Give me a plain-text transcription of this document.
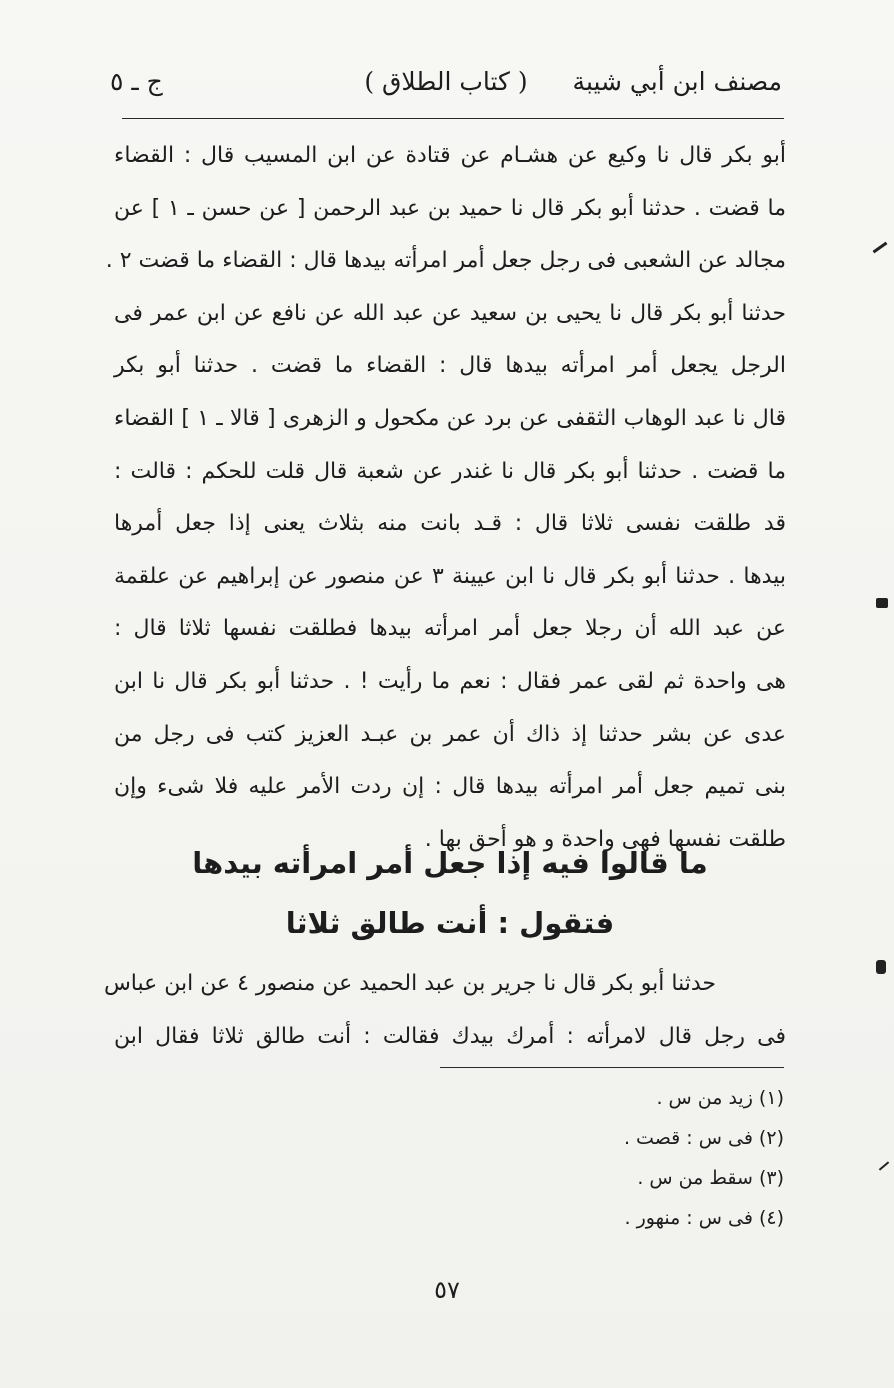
مصنف ابن أبي شيبة
( كتاب الطلاق )
ج ـ ٥
أبو بكر قال نا وكيع عن هشـام عن قتادة عن ابن المسيب قال : القضاء
ما قضت . حدثنا أبو بكر قال نا حميد بن عبد الرحمن [ عن حسن ـ ١ ] عن
مجالد عن الشعبى فى رجل جعل أمر امرأته بيدها قال : القضاء ما قضت ٢ .
حدثنا أبو بكر قال نا يحيى بن سعيد عن عبد الله عن نافع عن ابن عمر فى
الرجل يجعل أمر امرأته بيدها قال : القضاء ما قضت . حدثنا أبو بكر
قال نا عبد الوهاب الثقفى عن برد عن مكحول و الزهرى [ قالا ـ ١ ] القضاء
ما قضت . حدثنا أبو بكر قال نا غندر عن شعبة قال قلت للحكم : قالت :
قد طلقت نفسى ثلاثا قال : قـد بانت منه بثلاث يعنى إذا جعل أمرها
بيدها . حدثنا أبو بكر قال نا ابن عيينة ٣ عن منصور عن إبراهيم عن علقمة
عن عبد الله أن رجلا جعل أمر امرأته بيدها فطلقت نفسها ثلاثا قال :
هى واحدة ثم لقى عمر فقال : نعم ما رأيت ! . حدثنا أبو بكر قال نا ابن
عدى عن بشر حدثنا إذ ذاك أن عمر بن عبـد العزيز كتب فى رجل من
بنى تميم جعل أمر امرأته بيدها قال : إن ردت الأمر عليه فلا شىء وإن
طلقت نفسها فهى واحدة و هو أحق بها .
ما قالوا فيه إذا جعل أمر امرأته بيدها
فتقول : أنت طالق ثلاثا
حدثنا أبو بكر قال نا جرير بن عبد الحميد عن منصور ٤ عن ابن عباس
فى رجل قال لامرأته : أمرك بيدك فقالت : أنت طالق ثلاثا فقال ابن
(١) زيد من س .
(٢) فى س : قصت .
(٣) سقط من س .
(٤) فى س : منهور .
٥٧
